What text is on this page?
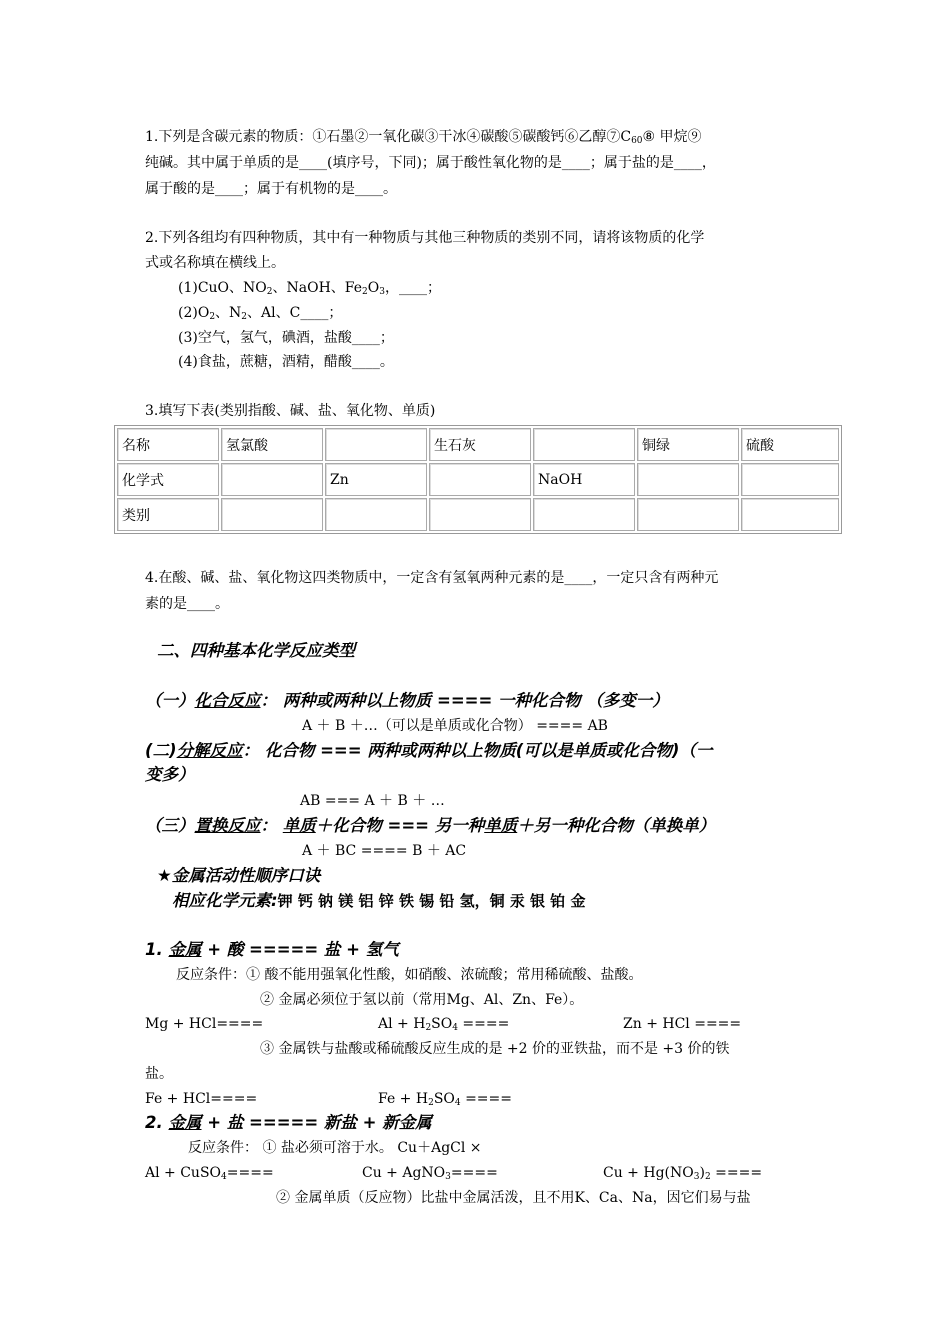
1.下列是含碳元素的物质：①石墨②一氧化碳③干冰④碳酸⑤碳酸钙⑥乙醇$⑦C_{60}⑧$ 甲烷⑨
纯碱。其中属于单质的是____(填序号，下同)；属于酸性氧化物的是____；属于盐的是____，
属于酸的是____；属于有机物的是____。
2.下列各组均有四种物质，其中有一种物质与其他三种物质的类别不同，请将该物质的化学
式或名称填在横线上。
(1)CuO、$NO_2$、NaOH、$Fe_2O_3$，____；
$(2)O_2$、$N_2$、Al、C____；
(3)空气，氢气，碘酒，盐酸____；
(4)食盐，蔗糖，酒精，醋酸____。
3.填写下表(类别指酸、碱、盐、氧化物、单质)
名称	氢氯酸		生石灰		铜绿	硫酸
化学式		Zn		NaOH		
类别						
4.在酸、碱、盐、氧化物这四类物质中，一定含有氢氧两种元素的是____，一定只含有两种元
素的是____。
二、四种基本化学反应类型
（一）化合反应： 两种或两种以上物质 ==== 一种化合物 （多变一）
A ＋ B ＋…（可以是单质或化合物） ==== AB
(二)分解反应： 化合物 === 两种或两种以上物质(可以是单质或化合物)（一
变多）
AB === A ＋ B ＋ …
（三）置换反应： 单质＋化合物 === 另一种单质＋另一种化合物（单换单）
A ＋ BC ==== B ＋ AC
★金属活动性顺序口诀
相应化学元素:钾 钙 钠 镁 铝 锌 铁 锡 铅 氢，铜 汞 银 铂 金
1. 金属 + 酸 ===== 盐 + 氢气
反应条件：① 酸不能用强氧化性酸，如硝酸、浓硫酸；常用稀硫酸、盐酸。
② 金属必须位于氢以前（常用Mg、Al、Zn、Fe）。
Mg + HCl====	$Al + H_2SO_4$ ====	Zn + HCl ====
③ 金属铁与盐酸或稀硫酸反应生成的是 +2 价的亚铁盐，而不是 +3 价的铁
盐。
Fe + HCl====	$Fe + H_2SO_4$ ====
2. 金属 + 盐 ===== 新盐 + 新金属
反应条件： ① 盐必须可溶于水。 Cu＋AgCl ×
Al + CuSO$_4$====	Cu + AgNO$_3$====	$Cu + Hg(NO_3)_2$ ====
② 金属单质（反应物）比盐中金属活泼，且不用K、Ca、Na，因它们易与盐
